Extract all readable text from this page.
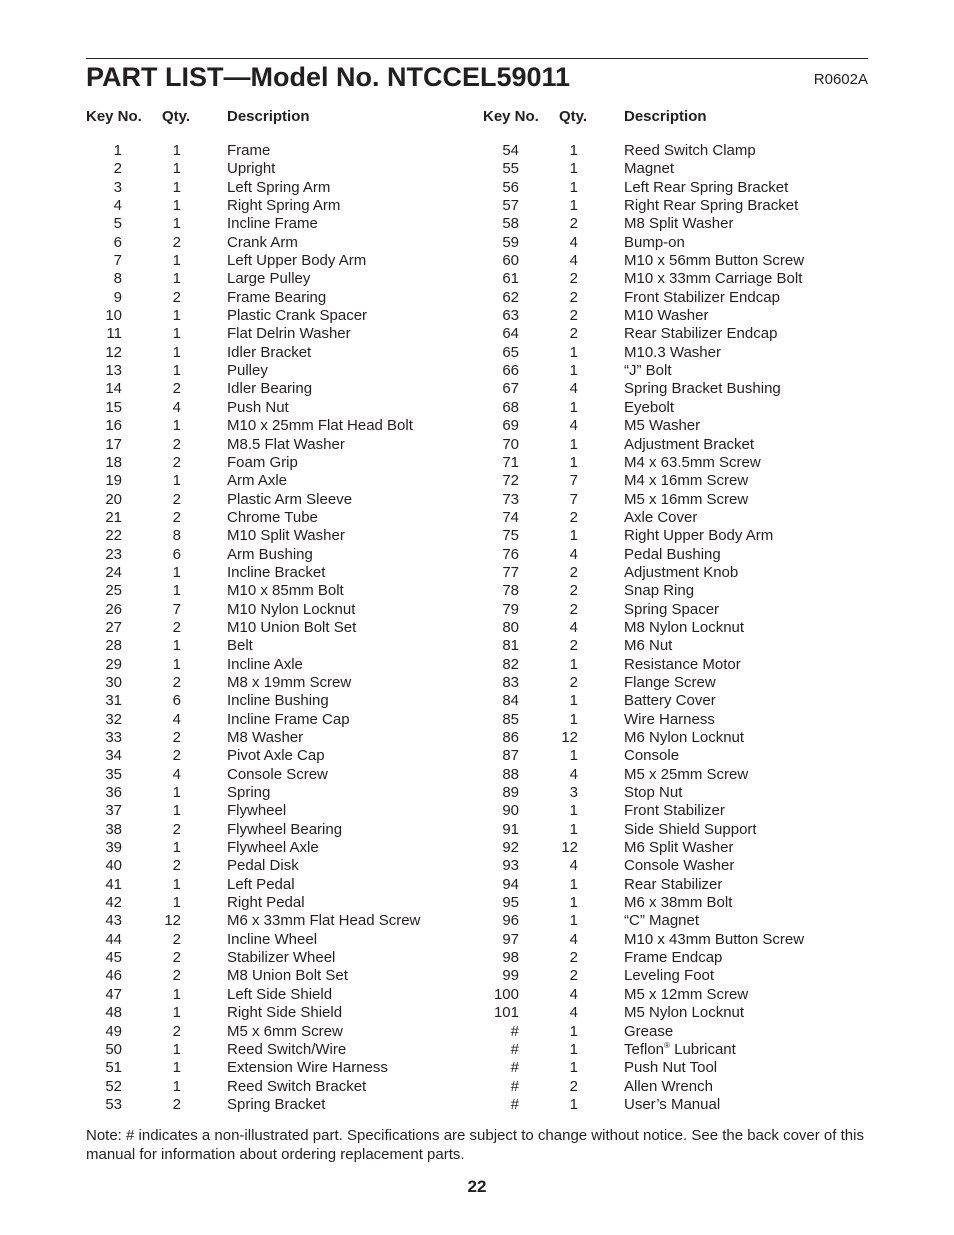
PART LIST—Model No. NTCCEL59011	R0602A
Key No. Qty. Description
1	1	Frame
2	1	Upright
3	1	Left Spring Arm
4	1	Right Spring Arm
5	1	Incline Frame
6	2	Crank Arm
7	1	Left Upper Body Arm
8	1	Large Pulley
9	2	Frame Bearing
10	1	Plastic Crank Spacer
11	1	Flat Delrin Washer
12	1	Idler Bracket
13	1	Pulley
14	2	Idler Bearing
15	4	Push Nut
16	1	M10 x 25mm Flat Head Bolt
17	2	M8.5 Flat Washer
18	2	Foam Grip
19	1	Arm Axle
20	2	Plastic Arm Sleeve
21	2	Chrome Tube
22	8	M10 Split Washer
23	6	Arm Bushing
24	1	Incline Bracket
25	1	M10 x 85mm Bolt
26	7	M10 Nylon Locknut
27	2	M10 Union Bolt Set
28	1	Belt
29	1	Incline Axle
30	2	M8 x 19mm Screw
31	6	Incline Bushing
32	4	Incline Frame Cap
33	2	M8 Washer
34	2	Pivot Axle Cap
35	4	Console Screw
36	1	Spring
37	1	Flywheel
38	2	Flywheel Bearing
39	1	Flywheel Axle
40	2	Pedal Disk
41	1	Left Pedal
42	1	Right Pedal
43	12	M6 x 33mm Flat Head Screw
44	2	Incline Wheel
45	2	Stabilizer Wheel
46	2	M8 Union Bolt Set
47	1	Left Side Shield
48	1	Right Side Shield
49	2	M5 x 6mm Screw
50	1	Reed Switch/Wire
51	1	Extension Wire Harness
52	1	Reed Switch Bracket
53	2	Spring Bracket
Key No. Qty. Description
54	1	Reed Switch Clamp
55	1	Magnet
56	1	Left Rear Spring Bracket
57	1	Right Rear Spring Bracket
58	2	M8 Split Washer
59	4	Bump-on
60	4	M10 x 56mm Button Screw
61	2	M10 x 33mm Carriage Bolt
62	2	Front Stabilizer Endcap
63	2	M10 Washer
64	2	Rear Stabilizer Endcap
65	1	M10.3 Washer
66	1	“J” Bolt
67	4	Spring Bracket Bushing
68	1	Eyebolt
69	4	M5 Washer
70	1	Adjustment Bracket
71	1	M4 x 63.5mm Screw
72	7	M4 x 16mm Screw
73	7	M5 x 16mm Screw
74	2	Axle Cover
75	1	Right Upper Body Arm
76	4	Pedal Bushing
77	2	Adjustment Knob
78	2	Snap Ring
79	2	Spring Spacer
80	4	M8 Nylon Locknut
81	2	M6 Nut
82	1	Resistance Motor
83	2	Flange Screw
84	1	Battery Cover
85	1	Wire Harness
86	12	M6 Nylon Locknut
87	1	Console
88	4	M5 x 25mm Screw
89	3	Stop Nut
90	1	Front Stabilizer
91	1	Side Shield Support
92	12	M6 Split Washer
93	4	Console Washer
94	1	Rear Stabilizer
95	1	M6 x 38mm Bolt
96	1	“C” Magnet
97	4	M10 x 43mm Button Screw
98	2	Frame Endcap
99	2	Leveling Foot
100	4	M5 x 12mm Screw
101	4	M5 Nylon Locknut
#	1	Grease
#	1	Teflon® Lubricant
#	1	Push Nut Tool
#	2	Allen Wrench
#	1	User’s Manual
Note: # indicates a non-illustrated part. Specifications are subject to change without notice. See the back cover of this manual for information about ordering replacement parts.
22
